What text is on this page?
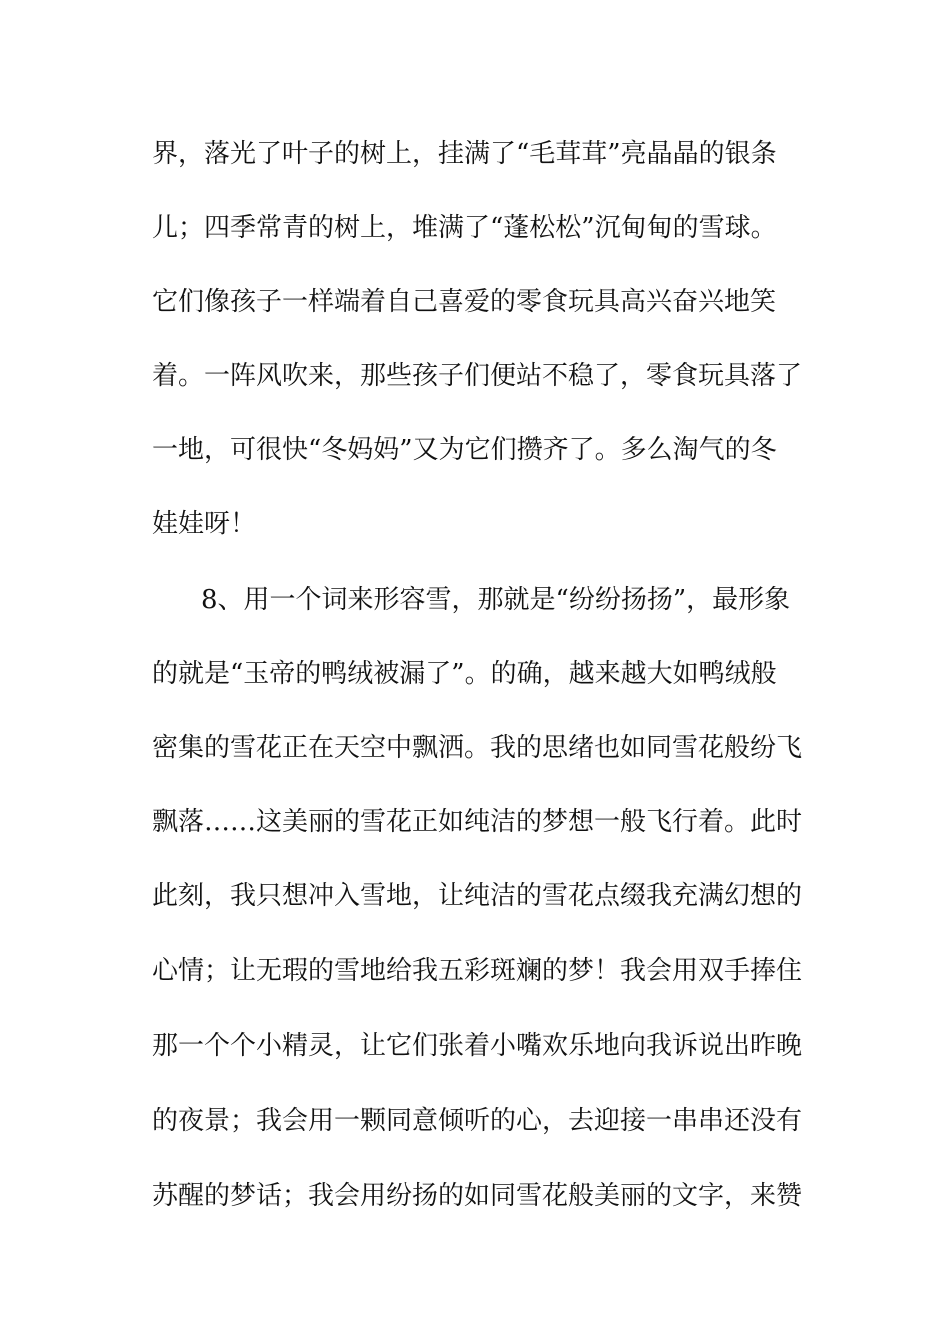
界，落光了叶子的树上，挂满了“毛茸茸”亮晶晶的银条
儿；四季常青的树上，堆满了“蓬松松”沉甸甸的雪球。
它们像孩子一样端着自己喜爱的零食玩具高兴奋兴地笑
着。一阵风吹来，那些孩子们便站不稳了，零食玩具落了
一地，可很快“冬妈妈”又为它们攒齐了。多么淘气的冬
娃娃呀！
8、用一个词来形容雪，那就是“纷纷扬扬”，最形象
的就是“玉帝的鸭绒被漏了”。的确，越来越大如鸭绒般
密集的雪花正在天空中飘洒。我的思绪也如同雪花般纷飞
飘落……这美丽的雪花正如纯洁的梦想一般飞行着。此时
此刻，我只想冲入雪地，让纯洁的雪花点缀我充满幻想的
心情；让无瑕的雪地给我五彩斑斓的梦！我会用双手捧住
那一个个小精灵，让它们张着小嘴欢乐地向我诉说出昨晚
的夜景；我会用一颗同意倾听的心，去迎接一串串还没有
苏醒的梦话；我会用纷扬的如同雪花般美丽的文字，来赞
